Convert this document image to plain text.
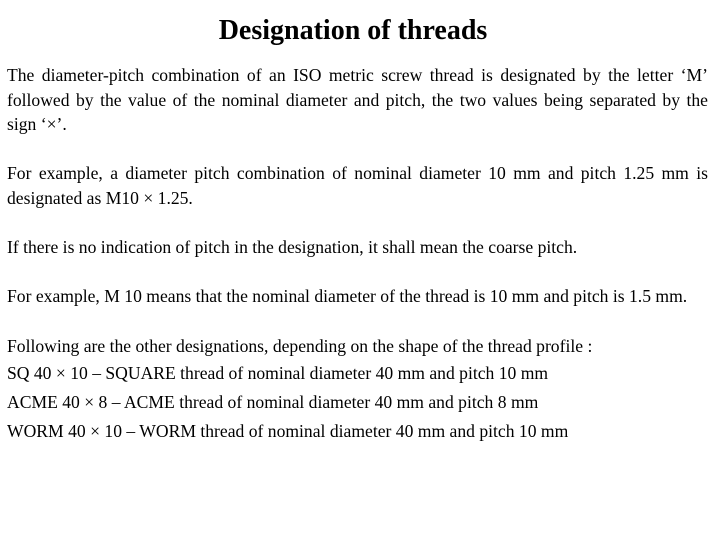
Designation of threads

The diameter-pitch combination of an ISO metric screw thread is designated by the letter ‘M’ followed by the value of the nominal diameter and pitch, the two values being separated by the sign ‘×’.

For example, a diameter pitch combination of nominal diameter 10 mm and pitch 1.25 mm is designated as M10 × 1.25.

If there is no indication of pitch in the designation, it shall mean the coarse pitch.

For example, M 10 means that the nominal diameter of the thread is 10 mm and pitch is 1.5 mm.

Following are the other designations, depending on the shape of the thread profile :
SQ 40 × 10 – SQUARE thread of nominal diameter 40 mm and pitch 10 mm
ACME 40 × 8 – ACME thread of nominal diameter 40 mm and pitch 8 mm
WORM 40 × 10 – WORM thread of nominal diameter 40 mm and pitch 10 mm
